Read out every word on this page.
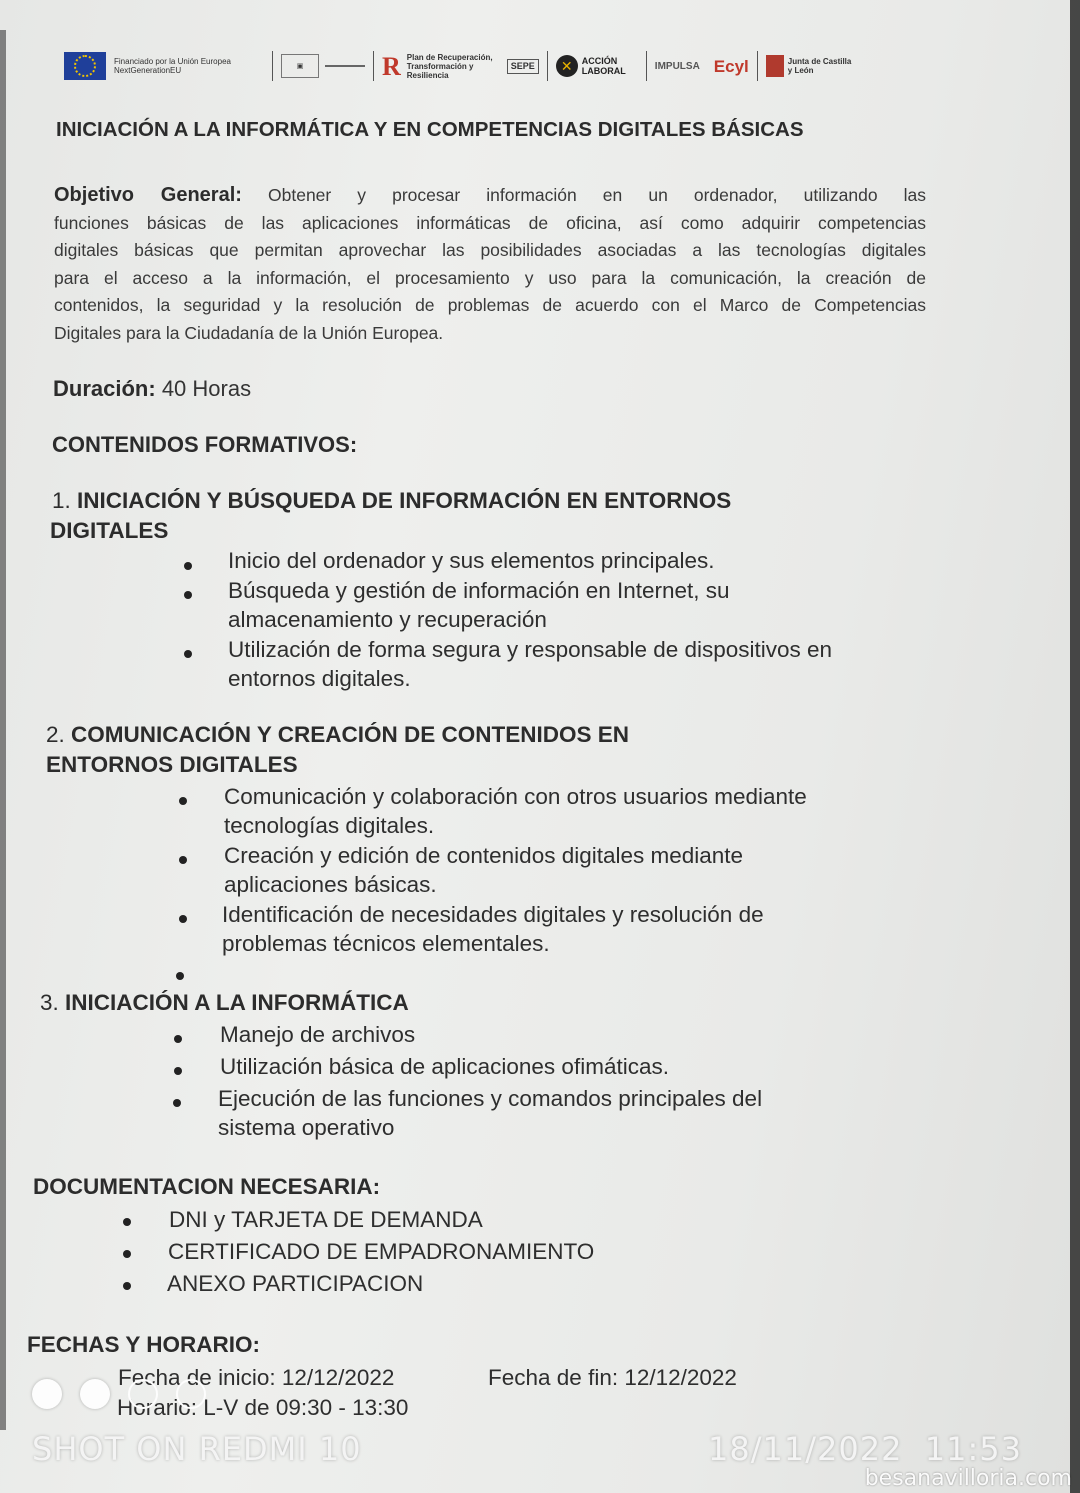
Financiado por la Unión Europea NextGenerationEU	▣	R Plan de Recuperación, Transformación y Resiliencia
SEPE	✕	ACCIÓN LABORAL	IMPULSA Ecyl	Junta de Castilla y León
INICIACIÓN A LA INFORMÁTICA Y EN COMPETENCIAS DIGITALES BÁSICAS
Objetivo General: Obtener y procesar información en un ordenador, utilizando las
funciones básicas de las aplicaciones informáticas de oficina, así como adquirir competencias
digitales básicas que permitan aprovechar las posibilidades asociadas a las tecnologías digitales
para el acceso a la información, el procesamiento y uso para la comunicación, la creación de
contenidos, la seguridad y la resolución de problemas de acuerdo con el Marco de Competencias
Digitales para la Ciudadanía de la Unión Europea.
Duración: 40 Horas
CONTENIDOS FORMATIVOS:
1. INICIACIÓN Y BÚSQUEDA DE INFORMACIÓN EN ENTORNOS
DIGITALES
Inicio del ordenador y sus elementos principales.
Búsqueda y gestión de información en Internet, su
almacenamiento y recuperación
Utilización de forma segura y responsable de dispositivos en
entornos digitales.
2. COMUNICACIÓN Y CREACIÓN DE CONTENIDOS EN
ENTORNOS DIGITALES
Comunicación y colaboración con otros usuarios mediante
tecnologías digitales.
Creación y edición de contenidos digitales mediante
aplicaciones básicas.
Identificación de necesidades digitales y resolución de
problemas técnicos elementales.
3. INICIACIÓN A LA INFORMÁTICA
Manejo de archivos
Utilización básica de aplicaciones ofimáticas.
Ejecución de las funciones y comandos principales del
sistema operativo
DOCUMENTACION NECESARIA:
DNI y TARJETA DE DEMANDA
CERTIFICADO DE EMPADRONAMIENTO
ANEXO PARTICIPACION
FECHAS Y HORARIO:
Fecha de inicio: 12/12/2022	Fecha de fin: 12/12/2022
Horario: L-V de 09:30 - 13:30
SHOT ON REDMI 10	18/11/2022  11:53
besanavilloria.com
